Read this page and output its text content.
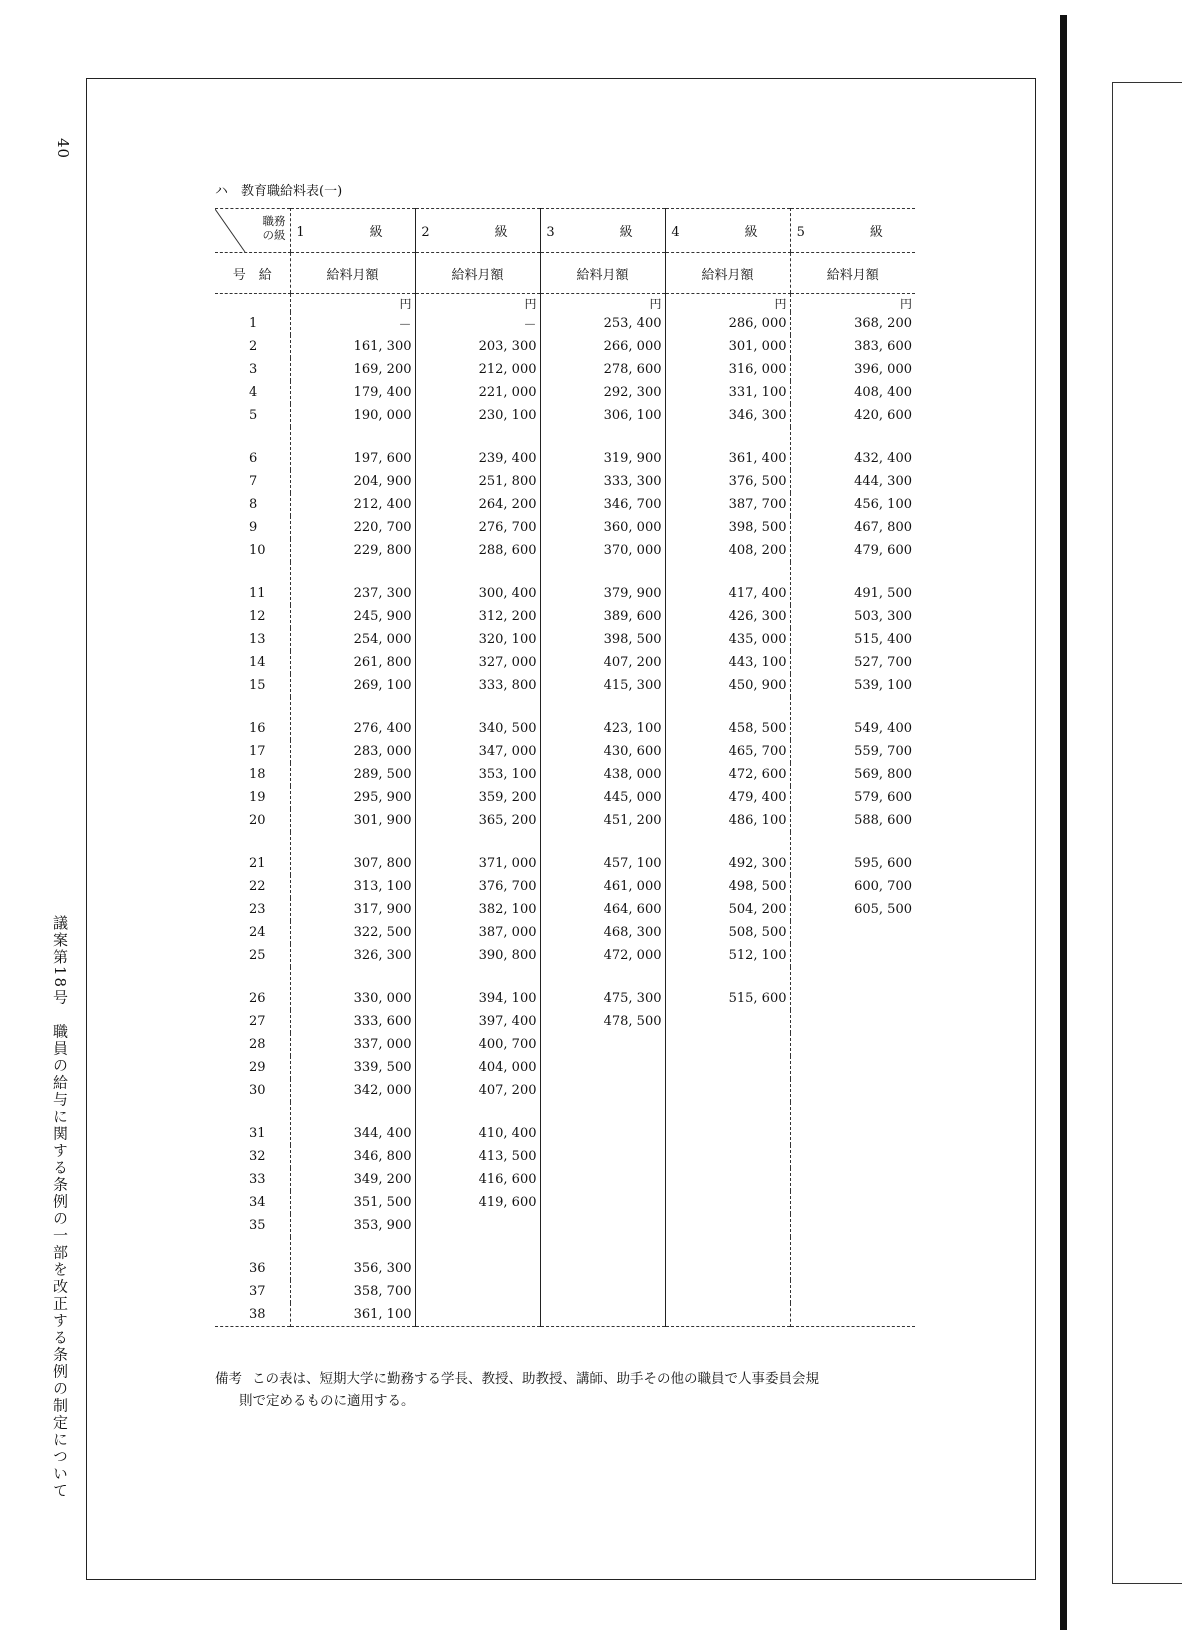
40
議案第18号　職員の給与に関する条例の一部を改正する条例の制定について
ハ　教育職給料表(一)
職務
の級	1　級	2　級	3　級	4　級	5　級
号　給	給料月額	給料月額	給料月額	給料月額	給料月額
	円	円	円	円	円
1	－	－	253, 400	286, 000	368, 200
2	161, 300	203, 300	266, 000	301, 000	383, 600
3	169, 200	212, 000	278, 600	316, 000	396, 000
4	179, 400	221, 000	292, 300	331, 100	408, 400
5	190, 000	230, 100	306, 100	346, 300	420, 600
6	197, 600	239, 400	319, 900	361, 400	432, 400
7	204, 900	251, 800	333, 300	376, 500	444, 300
8	212, 400	264, 200	346, 700	387, 700	456, 100
9	220, 700	276, 700	360, 000	398, 500	467, 800
10	229, 800	288, 600	370, 000	408, 200	479, 600
11	237, 300	300, 400	379, 900	417, 400	491, 500
12	245, 900	312, 200	389, 600	426, 300	503, 300
13	254, 000	320, 100	398, 500	435, 000	515, 400
14	261, 800	327, 000	407, 200	443, 100	527, 700
15	269, 100	333, 800	415, 300	450, 900	539, 100
16	276, 400	340, 500	423, 100	458, 500	549, 400
17	283, 000	347, 000	430, 600	465, 700	559, 700
18	289, 500	353, 100	438, 000	472, 600	569, 800
19	295, 900	359, 200	445, 000	479, 400	579, 600
20	301, 900	365, 200	451, 200	486, 100	588, 600
21	307, 800	371, 000	457, 100	492, 300	595, 600
22	313, 100	376, 700	461, 000	498, 500	600, 700
23	317, 900	382, 100	464, 600	504, 200	605, 500
24	322, 500	387, 000	468, 300	508, 500	
25	326, 300	390, 800	472, 000	512, 100	
26	330, 000	394, 100	475, 300	515, 600	
27	333, 600	397, 400	478, 500		
28	337, 000	400, 700			
29	339, 500	404, 000			
30	342, 000	407, 200			
31	344, 400	410, 400			
32	346, 800	413, 500			
33	349, 200	416, 600			
34	351, 500	419, 600			
35	353, 900				
36	356, 300				
37	358, 700				
38	361, 100				
備考 この表は、短期大学に勤務する学長、教授、助教授、講師、助手その他の職員で人事委員会規
則で定めるものに適用する。
